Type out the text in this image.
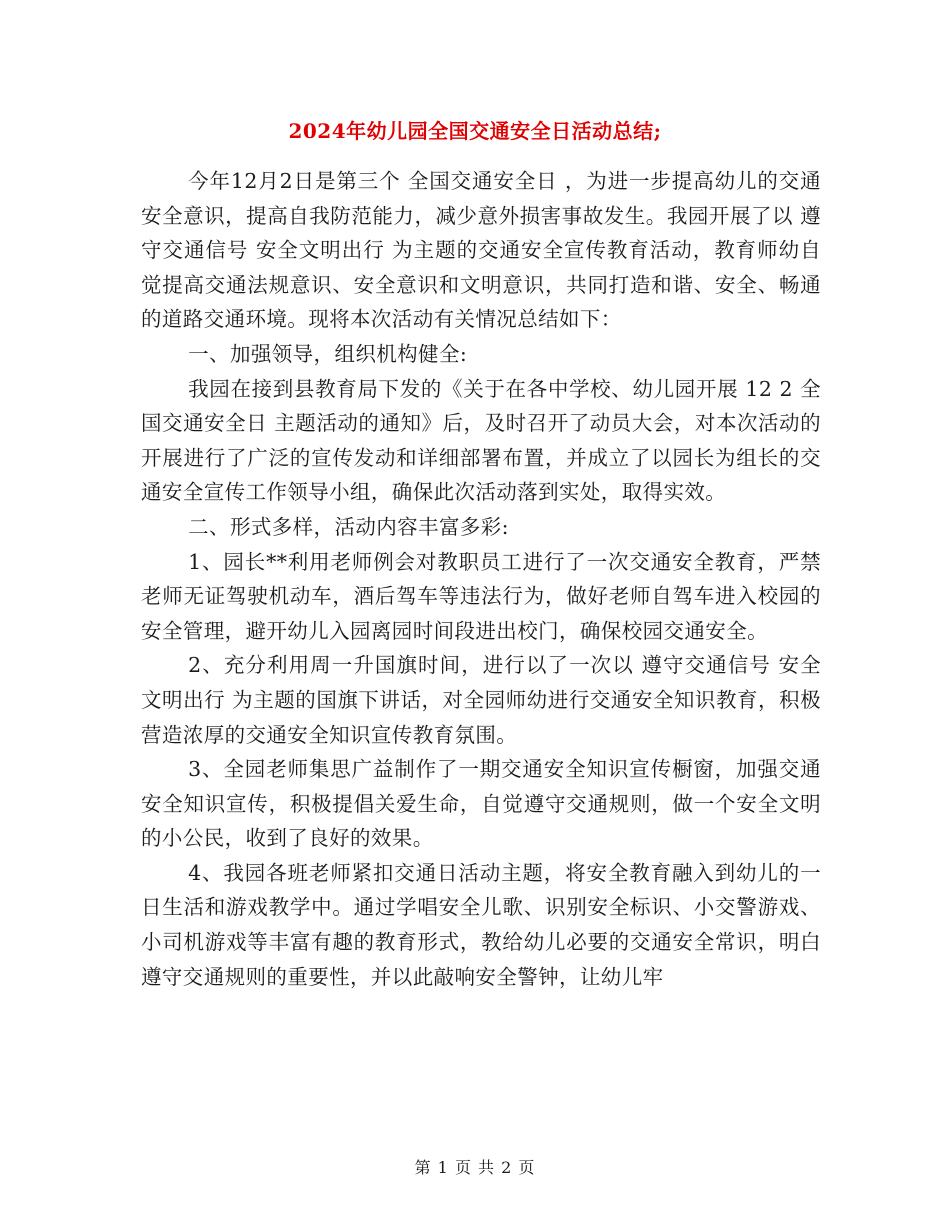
2024年幼儿园全国交通安全日活动总结;

今年12月2日是第三个 全国交通安全日 ，为进一步提高幼儿的交通安全意识，提高自我防范能力，减少意外损害事故发生。我园开展了以 遵守交通信号 安全文明出行 为主题的交通安全宣传教育活动，教育师幼自觉提高交通法规意识、安全意识和文明意识，共同打造和谐、安全、畅通的道路交通环境。现将本次活动有关情况总结如下：

一、加强领导，组织机构健全:

我园在接到县教育局下发的《关于在各中学校、幼儿园开展 12 2 全国交通安全日 主题活动的通知》后，及时召开了动员大会，对本次活动的开展进行了广泛的宣传发动和详细部署布置，并成立了以园长为组长的交通安全宣传工作领导小组，确保此次活动落到实处，取得实效。

二、形式多样，活动内容丰富多彩:

1、园长**利用老师例会对教职员工进行了一次交通安全教育，严禁老师无证驾驶机动车，酒后驾车等违法行为，做好老师自驾车进入校园的安全管理，避开幼儿入园离园时间段进出校门，确保校园交通安全。

2、充分利用周一升国旗时间，进行以了一次以 遵守交通信号 安全文明出行 为主题的国旗下讲话，对全园师幼进行交通安全知识教育，积极营造浓厚的交通安全知识宣传教育氛围。

3、全园老师集思广益制作了一期交通安全知识宣传橱窗，加强交通安全知识宣传，积极提倡关爱生命，自觉遵守交通规则，做一个安全文明的小公民，收到了良好的效果。

4、我园各班老师紧扣交通日活动主题，将安全教育融入到幼儿的一日生活和游戏教学中。通过学唱安全儿歌、识别安全标识、小交警游戏、小司机游戏等丰富有趣的教育形式，教给幼儿必要的交通安全常识，明白遵守交通规则的重要性，并以此敲响安全警钟，让幼儿牢

第 1 页 共 2 页
